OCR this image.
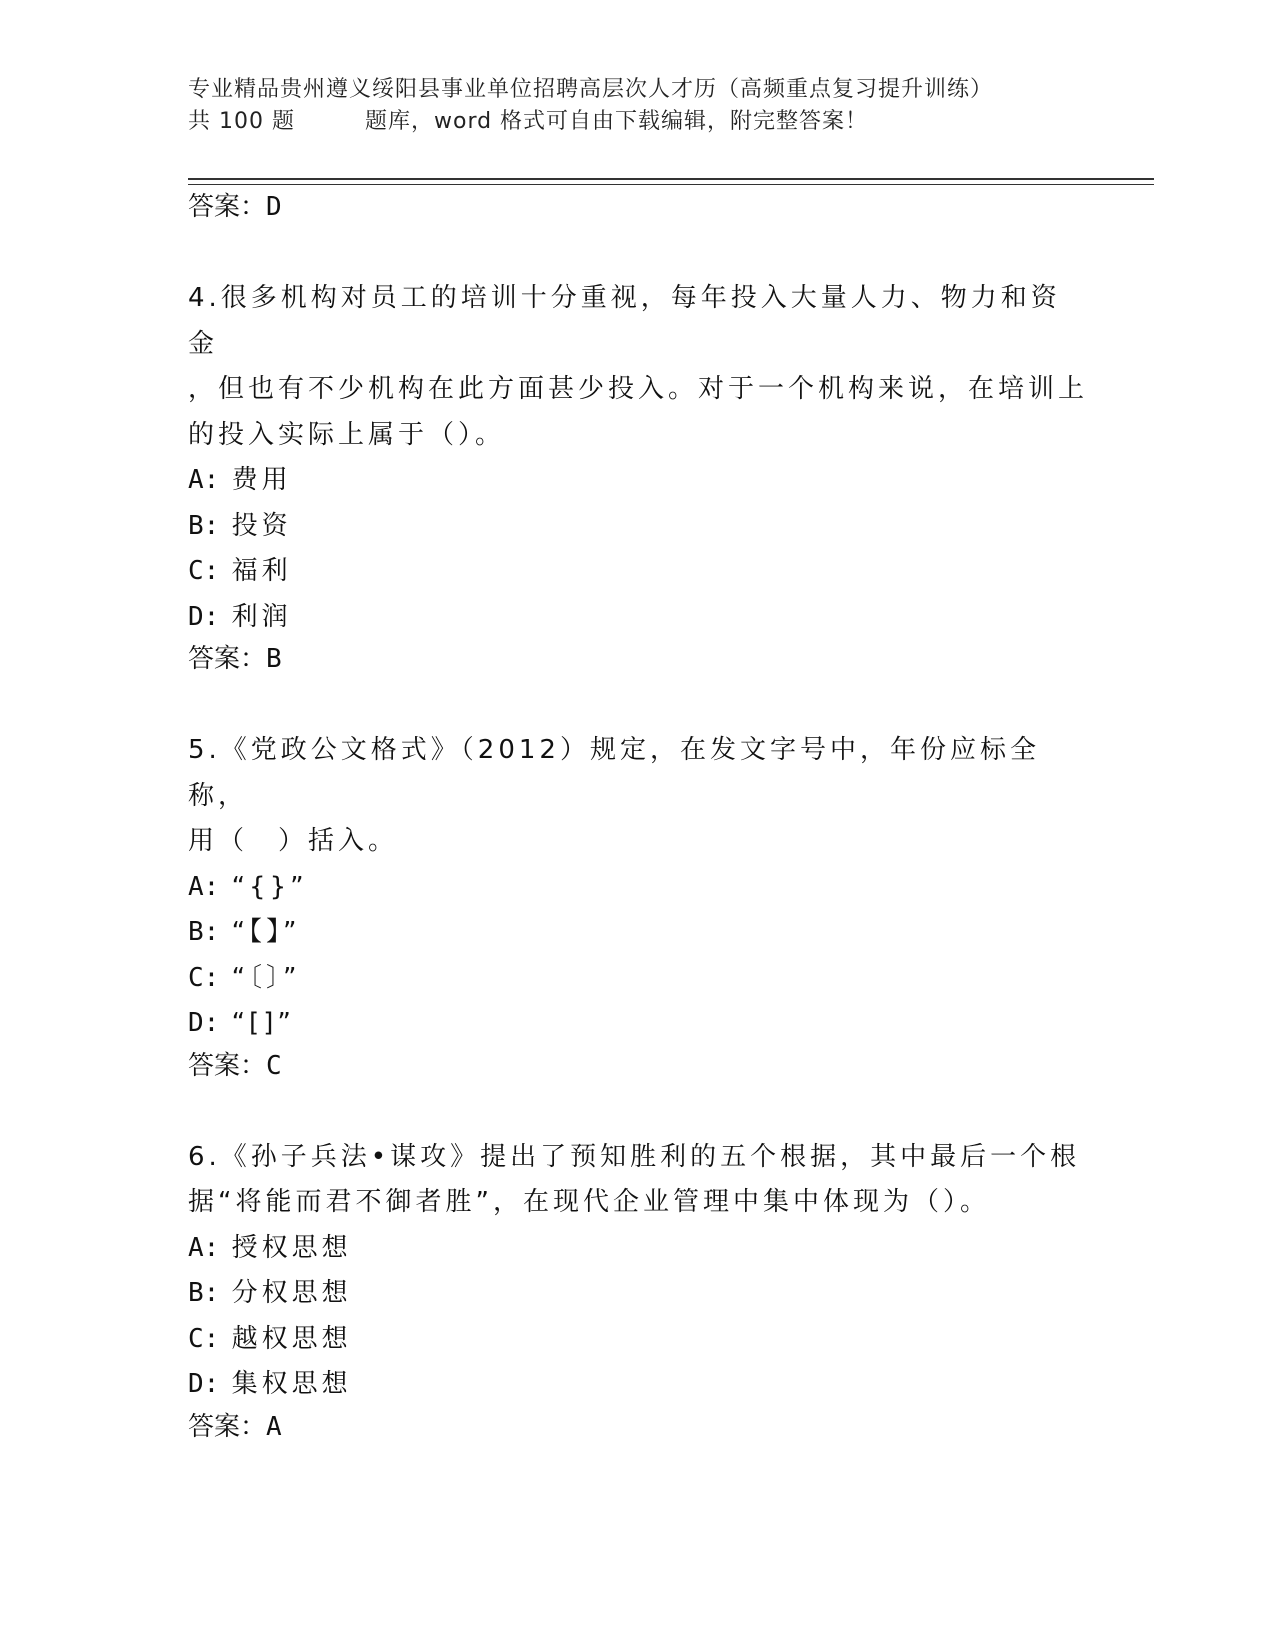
专业精品贵州遵义绥阳县事业单位招聘高层次人才历（高频重点复习提升训练）
共 100 题	题库，word 格式可自由下载编辑，附完整答案！
答案：D
4.很多机构对员工的培训十分重视，每年投入大量人力、物力和资金
，但也有不少机构在此方面甚少投入。对于一个机构来说，在培训上
的投入实际上属于（）。
A: 费用
B: 投资
C: 福利
D: 利润
答案：B
5.《党政公文格式》（2012）规定，在发文字号中，年份应标全称，
用（　）括入。
A: “{}”
B: “【】”
C: “〔〕”
D: “[]”
答案：C
6.《孙子兵法•谋攻》提出了预知胜利的五个根据，其中最后一个根
据“将能而君不御者胜”，在现代企业管理中集中体现为（）。
A: 授权思想
B: 分权思想
C: 越权思想
D: 集权思想
答案：A
